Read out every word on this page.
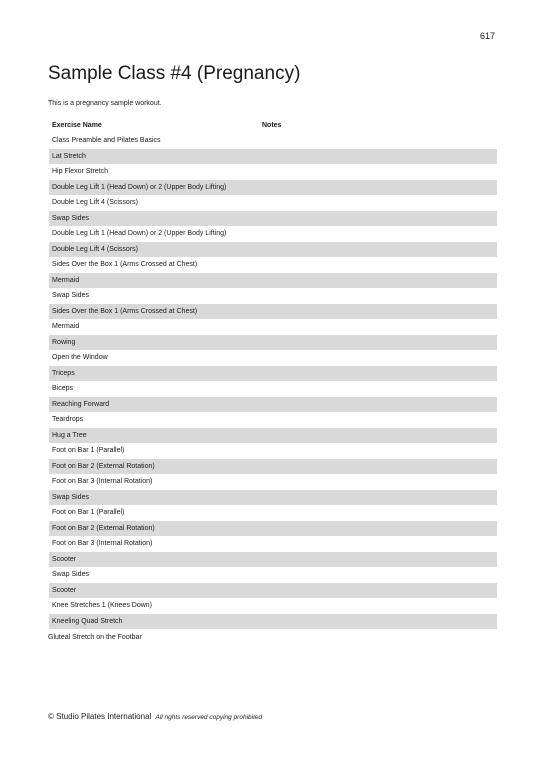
617
Sample Class #4 (Pregnancy)
This is a pregnancy sample workout.
Exercise Name	Notes
Class Preamble and Pilates Basics
Lat Stretch
Hip Flexor Stretch
Double Leg Lift 1 (Head Down) or 2 (Upper Body Lifting)
Double Leg Lift 4 (Scissors)
Swap Sides
Double Leg Lift 1 (Head Down) or 2 (Upper Body Lifting)
Double Leg Lift 4 (Scissors)
Sides Over the Box 1 (Arms Crossed at Chest)
Mermaid
Swap Sides
Sides Over the Box 1 (Arms Crossed at Chest)
Mermaid
Rowing
Open the Window
Triceps
Biceps
Reaching Forward
Teardrops
Hug a Tree
Foot on Bar 1 (Parallel)
Foot on Bar 2 (External Rotation)
Foot on Bar 3 (Internal Rotation)
Swap Sides
Foot on Bar 1 (Parallel)
Foot on Bar 2 (External Rotation)
Foot on Bar 3 (Internal Rotation)
Scooter
Swap Sides
Scooter
Knee Stretches 1 (Knees Down)
Kneeling Quad Stretch
Gluteal Stretch on the Footbar
© Studio Pilates International All rights reserved copying prohibited
